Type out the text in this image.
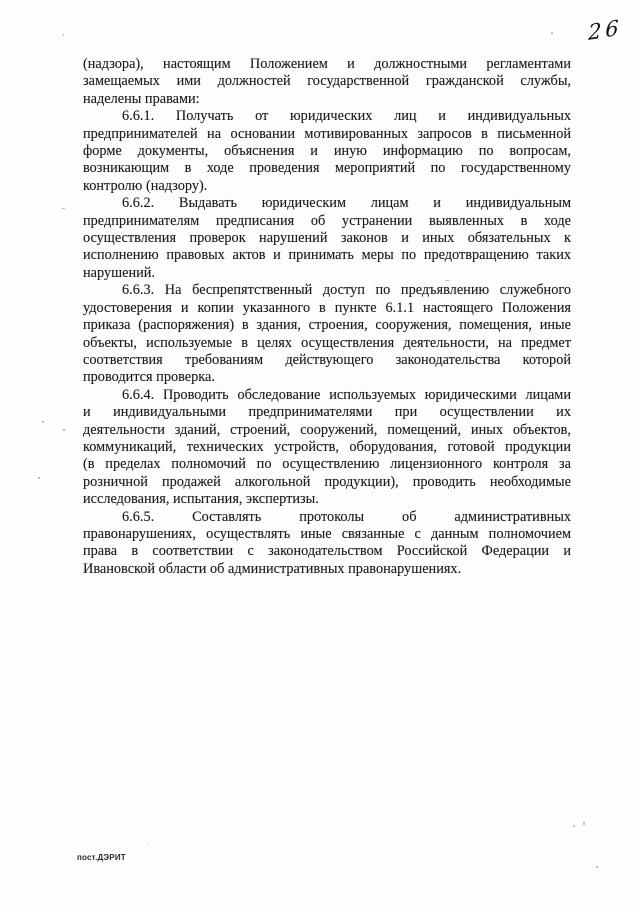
26

(надзора), настоящим Положением и должностными регламентами
замещаемых ими должностей государственной гражданской службы,
наделены правами:

6.6.1. Получать от юридических лиц и индивидуальных
предпринимателей на основании мотивированных запросов в письменной
форме документы, объяснения и иную информацию по вопросам,
возникающим в ходе проведения мероприятий по государственному
контролю (надзору).

6.6.2. Выдавать юридическим лицам и индивидуальным
предпринимателям предписания об устранении выявленных в ходе
осуществления проверок нарушений законов и иных обязательных к
исполнению правовых актов и принимать меры по предотвращению таких
нарушений.

6.6.3. На беспрепятственный доступ по предъявлению служебного
удостоверения и копии указанного в пункте 6.1.1 настоящего Положения
приказа (распоряжения) в здания, строения, сооружения, помещения, иные
объекты, используемые в целях осуществления деятельности, на предмет
соответствия требованиям действующего законодательства которой
проводится проверка.

6.6.4. Проводить обследование используемых юридическими лицами
и индивидуальными предпринимателями при осуществлении их
деятельности зданий, строений, сооружений, помещений, иных объектов,
коммуникаций, технических устройств, оборудования, готовой продукции
(в пределах полномочий по осуществлению лицензионного контроля за
розничной продажей алкогольной продукции), проводить необходимые
исследования, испытания, экспертизы.

6.6.5. Составлять протоколы об административных
правонарушениях, осуществлять иные связанные с данным полномочием
права в соответствии с законодательством Российской Федерации и
Ивановской области об административных правонарушениях.

пост.ДЭРИТ
